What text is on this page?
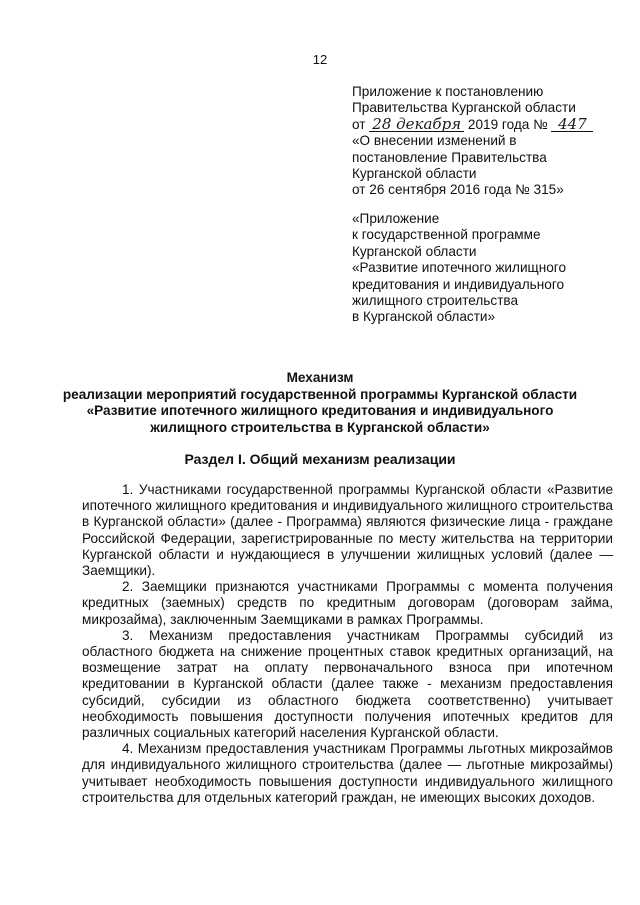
12
Приложение к постановлению
Правительства Курганской области
от 28 декабря 2019 года № 447
«О внесении изменений в
постановление Правительства
Курганской области
от 26 сентября 2016 года № 315»
«Приложение
к государственной программе
Курганской области
«Развитие ипотечного жилищного
кредитования и индивидуального
жилищного строительства
в Курганской области»
Механизм
реализации мероприятий государственной программы Курганской области
«Развитие ипотечного жилищного кредитования и индивидуального
жилищного строительства в Курганской области»
Раздел I. Общий механизм реализации

1. Участниками государственной программы Курганской области «Развитие ипотечного жилищного кредитования и индивидуального жилищного строительства в Курганской области» (далее - Программа) являются физические лица - граждане Российской Федерации, зарегистрированные по месту жительства на территории Курганской области и нуждающиеся в улучшении жилищных условий (далее — Заемщики).

2. Заемщики признаются участниками Программы с момента получения кредитных (заемных) средств по кредитным договорам (договорам займа, микрозайма), заключенным Заемщиками в рамках Программы.

3. Механизм предоставления участникам Программы субсидий из областного бюджета на снижение процентных ставок кредитных организаций, на возмещение затрат на оплату первоначального взноса при ипотечном кредитовании в Курганской области (далее также - механизм предоставления субсидий, субсидии из областного бюджета соответственно) учитывает необходимость повышения доступности получения ипотечных кредитов для различных социальных категорий населения Курганской области.

4. Механизм предоставления участникам Программы льготных микрозаймов для индивидуального жилищного строительства (далее — льготные микрозаймы) учитывает необходимость повышения доступности индивидуального жилищного строительства для отдельных категорий граждан, не имеющих высоких доходов.
